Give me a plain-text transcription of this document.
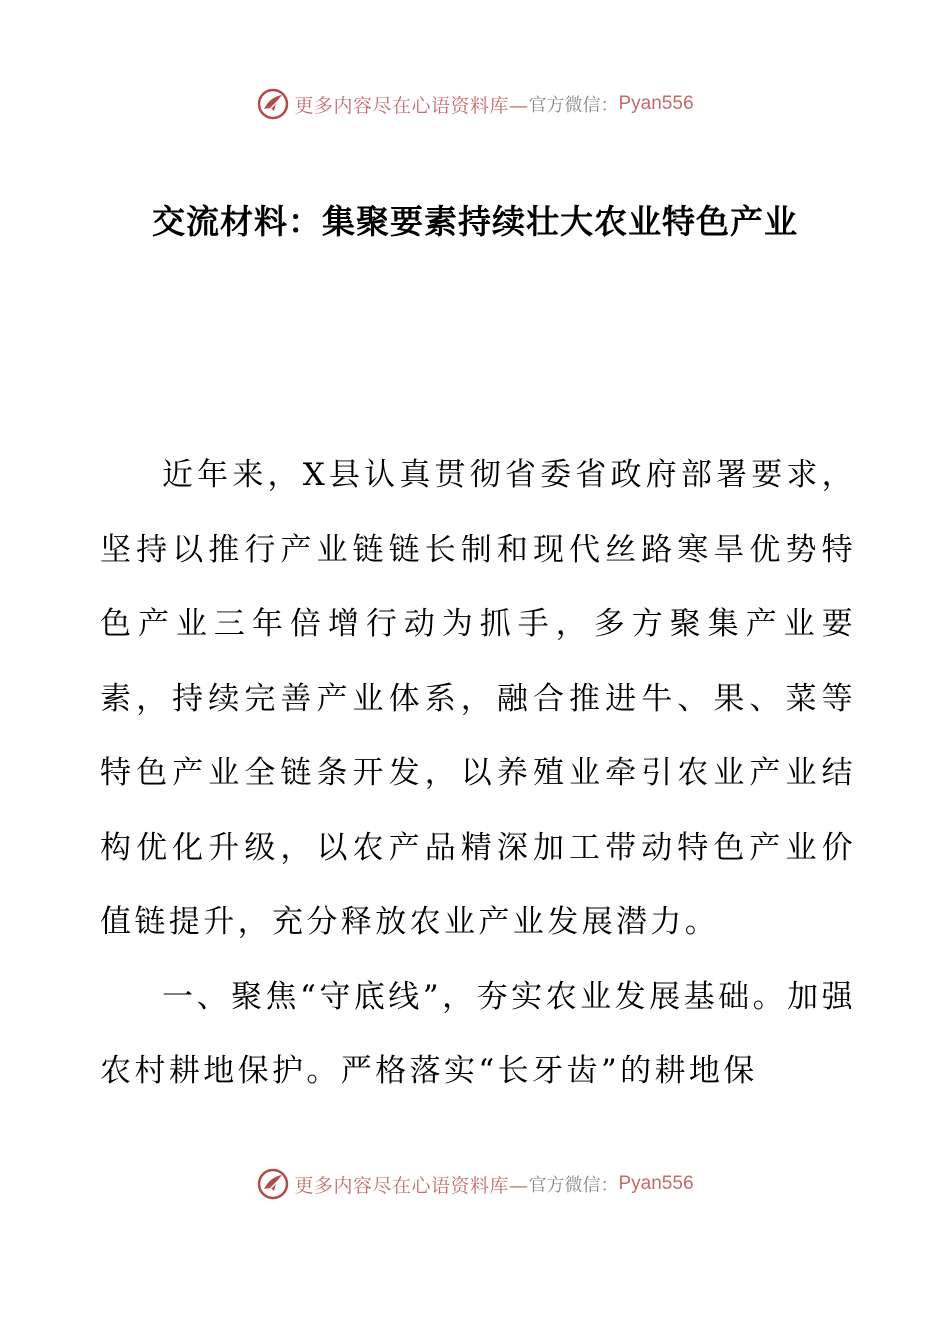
更多内容尽在心语资料库— 官方微信： Pyan556
交流材料：集聚要素持续壮大农业特色产业

近年来，X县认真贯彻省委省政府部署要求，坚持以推行产业链链长制和现代丝路寒旱优势特色产业三年倍增行动为抓手，多方聚集产业要素，持续完善产业体系，融合推进牛、果、菜等特色产业全链条开发，以养殖业牵引农业产业结构优化升级，以农产品精深加工带动特色产业价值链提升，充分释放农业产业发展潜力。

一、聚焦“守底线”，夯实农业发展基础。加强农村耕地保护。严格落实“长牙齿”的耕地保

更多内容尽在心语资料库— 官方微信： Pyan556
